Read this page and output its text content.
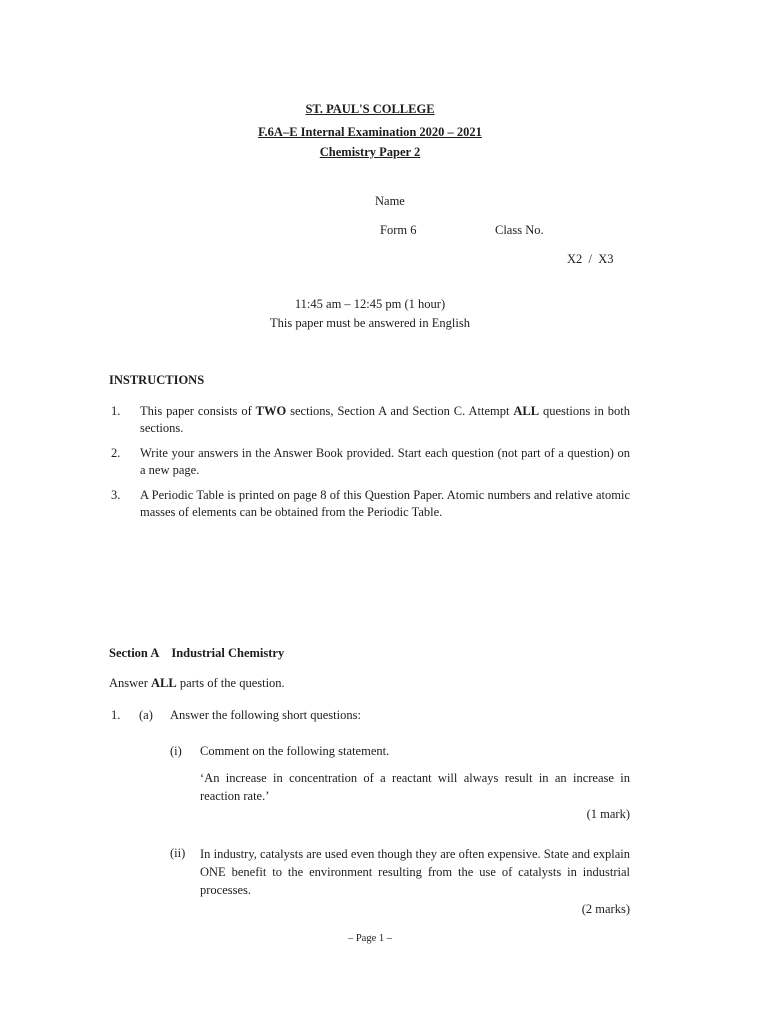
ST. PAUL'S COLLEGE
F.6A–E Internal Examination 2020 – 2021
Chemistry Paper 2
Name
Form 6	Class No.
X2  /  X3
11:45 am – 12:45 pm (1 hour)
This paper must be answered in English
INSTRUCTIONS
1. This paper consists of TWO sections, Section A and Section C. Attempt ALL questions in both sections.
2. Write your answers in the Answer Book provided. Start each question (not part of a question) on a new page.
3. A Periodic Table is printed on page 8 of this Question Paper. Atomic numbers and relative atomic masses of elements can be obtained from the Periodic Table.
Section A Industrial Chemistry
Answer ALL parts of the question.
1. (a) Answer the following short questions:
(i) Comment on the following statement.
‘An increase in concentration of a reactant will always result in an increase in reaction rate.’
(1 mark)
(ii) In industry, catalysts are used even though they are often expensive. State and explain ONE benefit to the environment resulting from the use of catalysts in industrial processes.
(2 marks)
– Page 1 –
